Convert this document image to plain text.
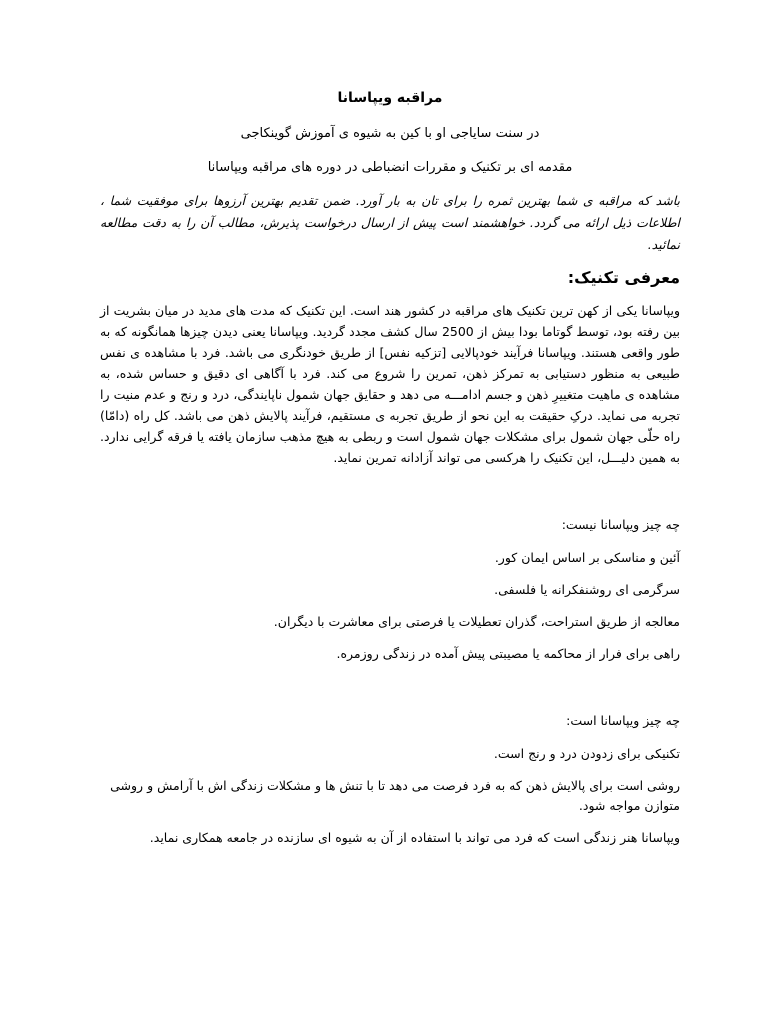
مراقبه ویپاسانا
در سنت سایاجی او با کین به شیوه ی آموزش گوینکاجی
مقدمه ای بر تکنیک و مقررات انضباطی در دوره های مراقبه ویپاسانا

باشد که مراقبه ی شما بهترین ثمره را برای تان به بار آورد. ضمن تقدیم بهترین آرزوها برای موفقیت شما ، اطلاعات ذیل ارائه می گردد. خواهشمند است پیش از ارسال درخواست پذیرش، مطالب آن را به دقت مطالعه نمائید.

معرفی تکنیک:

ویپاسانا یکی از کهن ترین تکنیک های مراقبه در کشور هند است. این تکنیک که مدت های مدید در میان بشریت از بین رفته بود، توسط گوتاما بودا بیش از 2500 سال کشف مجدد گردید. ویپاسانا یعنی دیدن چیزها همانگونه که به طور واقعی هستند. ویپاسانا فرآیند خودپالایی [تزکیه نفس] از طریق خودنگری می باشد. فرد با مشاهده ی نفس طبیعی به منظور دستیابی به تمرکز ذهن، تمرین را شروع می کند. فرد با آگاهی ای دقیق و حساس شده، به مشاهده ی ماهیت متغییرِ ذهن و جسم ادامـــه می دهد و حقایق جهان شمول ناپایندگی، درد و رنج و عدم منیت را تجربه می نماید. درکِ حقیقت به این نحو از طریق تجربه ی مستقیم، فرآیند پالایش ذهن می باشد. کل راه (دامّا) راه حلّی جهان شمول برای مشکلات جهان شمول است و ربطی به هیچ مذهب سازمان یافته یا فرقه گرایی ندارد. به همین دلیـــل، این تکنیک را هرکسی می تواند آزادانه تمرین نماید.

چه چیز ویپاسانا نیست:
آئین و مناسکی بر اساس ایمان کور.
سرگرمی ای روشنفکرانه یا فلسفی.
معالجه از طریق استراحت، گذران تعطیلات یا فرصتی برای معاشرت با دیگران.
راهی برای فرار از محاکمه یا مصیبتی پیش آمده در زندگی روزمره.
چه چیز ویپاسانا است:
تکنیکی برای زدودن درد و رنج است.
روشی است برای پالایش ذهن که به فرد فرصت می دهد تا با تنش ها و مشکلات زندگی اش با آرامش و روشی متوازن مواجه شود.
ویپاسانا هنر زندگی است که فرد می تواند با استفاده از آن به شیوه ای سازنده در جامعه همکاری نماید.
